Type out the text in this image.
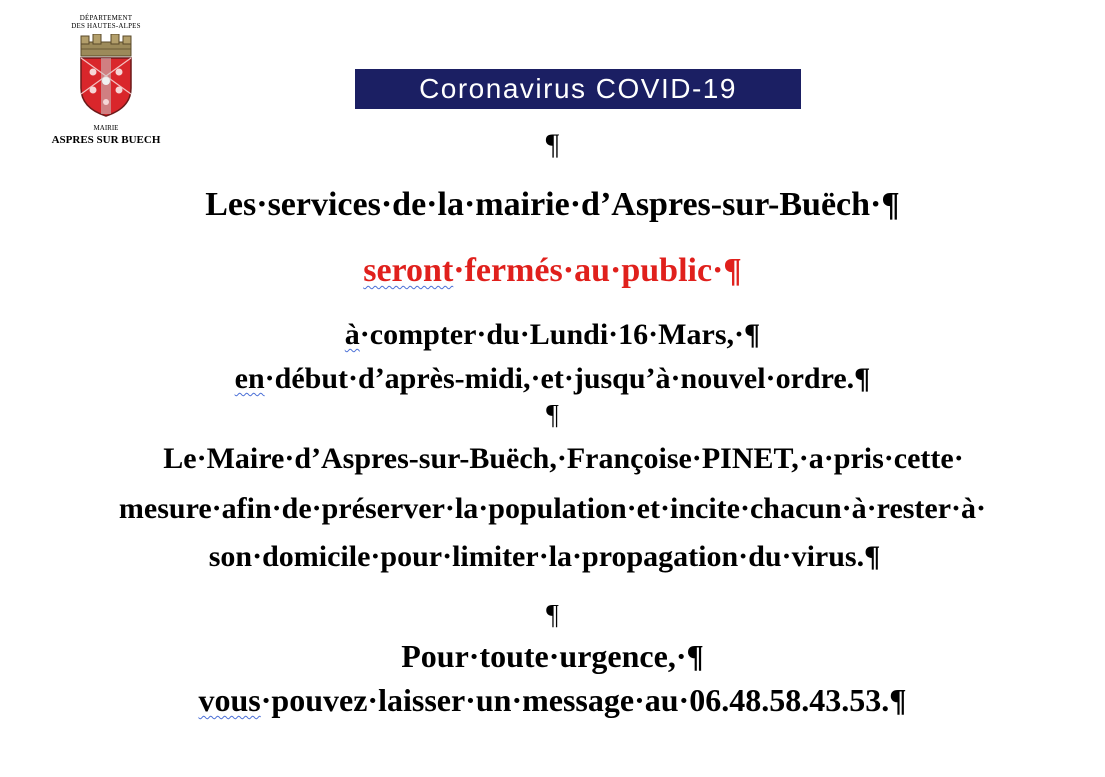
DÉPARTEMENT
DES HAUTES-ALPES
MAIRIE
ASPRES SUR BUECH
Coronavirus COVID-19
¶
Les·services·de·la·mairie·d’Aspres-sur-Buëch·¶
seront·fermés·au·public·¶
à·compter·du·Lundi·16·Mars,·¶
en·début·d’après-midi,·et·jusqu’à·nouvel·ordre.¶
¶
Le·Maire·d’Aspres-sur-Buëch,·Françoise·PINET,·a·pris·cette·
mesure·afin·de·préserver·la·population·et·incite·chacun·à·rester·à·
son·domicile·pour·limiter·la·propagation·du·virus.¶
¶
Pour·toute·urgence,·¶
vous·pouvez·laisser·un·message·au·06.48.58.43.53.¶
